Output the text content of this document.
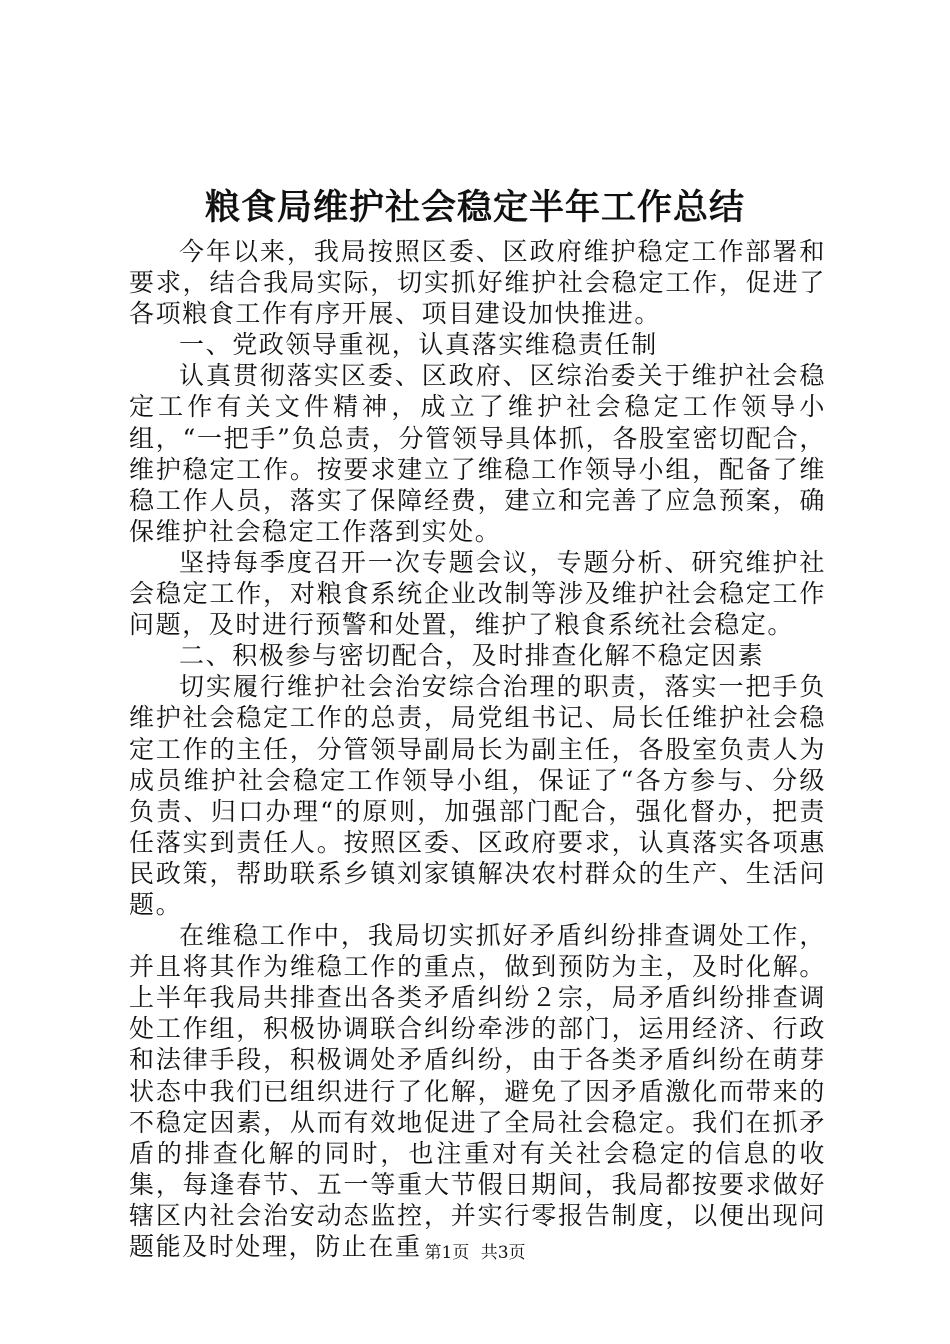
粮食局维护社会稳定半年工作总结

今年以来，我局按照区委、区政府维护稳定工作部署和要求，结合我局实际，切实抓好维护社会稳定工作，促进了各项粮食工作有序开展、项目建设加快推进。

一、党政领导重视，认真落实维稳责任制

认真贯彻落实区委、区政府、区综治委关于维护社会稳定工作有关文件精神，成立了维护社会稳定工作领导小组，“一把手”负总责，分管领导具体抓，各股室密切配合，维护稳定工作。按要求建立了维稳工作领导小组，配备了维稳工作人员，落实了保障经费，建立和完善了应急预案，确保维护社会稳定工作落到实处。

坚持每季度召开一次专题会议，专题分析、研究维护社会稳定工作，对粮食系统企业改制等涉及维护社会稳定工作问题，及时进行预警和处置，维护了粮食系统社会稳定。

二、积极参与密切配合，及时排查化解不稳定因素

切实履行维护社会治安综合治理的职责，落实一把手负维护社会稳定工作的总责，局党组书记、局长任维护社会稳定工作的主任，分管领导副局长为副主任，各股室负责人为成员维护社会稳定工作领导小组，保证了“各方参与、分级负责、归口办理“的原则，加强部门配合，强化督办，把责任落实到责任人。按照区委、区政府要求，认真落实各项惠民政策，帮助联系乡镇刘家镇解决农村群众的生产、生活问题。

在维稳工作中，我局切实抓好矛盾纠纷排查调处工作，并且将其作为维稳工作的重点，做到预防为主，及时化解。上半年我局共排查出各类矛盾纠纷２宗，局矛盾纠纷排查调处工作组，积极协调联合纠纷牵涉的部门，运用经济、行政和法律手段，积极调处矛盾纠纷，由于各类矛盾纠纷在萌芽状态中我们已组织进行了化解，避免了因矛盾激化而带来的不稳定因素，从而有效地促进了全局社会稳定。我们在抓矛盾的排查化解的同时，也注重对有关社会稳定的信息的收集，每逢春节、五一等重大节假日期间，我局都按要求做好辖区内社会治安动态监控，并实行零报告制度，以便出现问题能及时处理，防止在重 第1页 共3页
